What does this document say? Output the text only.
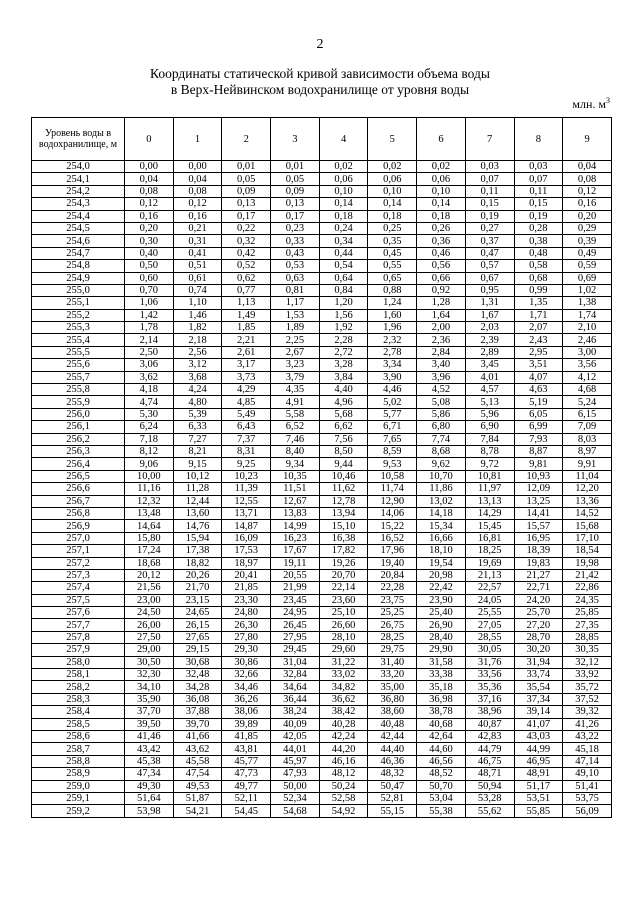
2
Координаты статической кривой зависимости объема воды
в Верх-Нейвинском водохранилище от уровня воды
млн. $м^3$
Уровень воды в водохранилище, м	0	1	2	3	4	5	6	7	8	9
254,0	0,00	0,00	0,01	0,01	0,02	0,02	0,02	0,03	0,03	0,04
254,1	0,04	0,04	0,05	0,05	0,06	0,06	0,06	0,07	0,07	0,08
254,2	0,08	0,08	0,09	0,09	0,10	0,10	0,10	0,11	0,11	0,12
254,3	0,12	0,12	0,13	0,13	0,14	0,14	0,14	0,15	0,15	0,16
254,4	0,16	0,16	0,17	0,17	0,18	0,18	0,18	0,19	0,19	0,20
254,5	0,20	0,21	0,22	0,23	0,24	0,25	0,26	0,27	0,28	0,29
254,6	0,30	0,31	0,32	0,33	0,34	0,35	0,36	0,37	0,38	0,39
254,7	0,40	0,41	0,42	0,43	0,44	0,45	0,46	0,47	0,48	0,49
254,8	0,50	0,51	0,52	0,53	0,54	0,55	0,56	0,57	0,58	0,59
254,9	0,60	0,61	0,62	0,63	0,64	0,65	0,66	0,67	0,68	0,69
255,0	0,70	0,74	0,77	0,81	0,84	0,88	0,92	0,95	0,99	1,02
255,1	1,06	1,10	1,13	1,17	1,20	1,24	1,28	1,31	1,35	1,38
255,2	1,42	1,46	1,49	1,53	1,56	1,60	1,64	1,67	1,71	1,74
255,3	1,78	1,82	1,85	1,89	1,92	1,96	2,00	2,03	2,07	2,10
255,4	2,14	2,18	2,21	2,25	2,28	2,32	2,36	2,39	2,43	2,46
255,5	2,50	2,56	2,61	2,67	2,72	2,78	2,84	2,89	2,95	3,00
255,6	3,06	3,12	3,17	3,23	3,28	3,34	3,40	3,45	3,51	3,56
255,7	3,62	3,68	3,73	3,79	3,84	3,90	3,96	4,01	4,07	4,12
255,8	4,18	4,24	4,29	4,35	4,40	4,46	4,52	4,57	4,63	4,68
255,9	4,74	4,80	4,85	4,91	4,96	5,02	5,08	5,13	5,19	5,24
256,0	5,30	5,39	5,49	5,58	5,68	5,77	5,86	5,96	6,05	6,15
256,1	6,24	6,33	6,43	6,52	6,62	6,71	6,80	6,90	6,99	7,09
256,2	7,18	7,27	7,37	7,46	7,56	7,65	7,74	7,84	7,93	8,03
256,3	8,12	8,21	8,31	8,40	8,50	8,59	8,68	8,78	8,87	8,97
256,4	9,06	9,15	9,25	9,34	9,44	9,53	9,62	9,72	9,81	9,91
256,5	10,00	10,12	10,23	10,35	10,46	10,58	10,70	10,81	10,93	11,04
256,6	11,16	11,28	11,39	11,51	11,62	11,74	11,86	11,97	12,09	12,20
256,7	12,32	12,44	12,55	12,67	12,78	12,90	13,02	13,13	13,25	13,36
256,8	13,48	13,60	13,71	13,83	13,94	14,06	14,18	14,29	14,41	14,52
256,9	14,64	14,76	14,87	14,99	15,10	15,22	15,34	15,45	15,57	15,68
257,0	15,80	15,94	16,09	16,23	16,38	16,52	16,66	16,81	16,95	17,10
257,1	17,24	17,38	17,53	17,67	17,82	17,96	18,10	18,25	18,39	18,54
257,2	18,68	18,82	18,97	19,11	19,26	19,40	19,54	19,69	19,83	19,98
257,3	20,12	20,26	20,41	20,55	20,70	20,84	20,98	21,13	21,27	21,42
257,4	21,56	21,70	21,85	21,99	22,14	22,28	22,42	22,57	22,71	22,86
257,5	23,00	23,15	23,30	23,45	23,60	23,75	23,90	24,05	24,20	24,35
257,6	24,50	24,65	24,80	24,95	25,10	25,25	25,40	25,55	25,70	25,85
257,7	26,00	26,15	26,30	26,45	26,60	26,75	26,90	27,05	27,20	27,35
257,8	27,50	27,65	27,80	27,95	28,10	28,25	28,40	28,55	28,70	28,85
257,9	29,00	29,15	29,30	29,45	29,60	29,75	29,90	30,05	30,20	30,35
258,0	30,50	30,68	30,86	31,04	31,22	31,40	31,58	31,76	31,94	32,12
258,1	32,30	32,48	32,66	32,84	33,02	33,20	33,38	33,56	33,74	33,92
258,2	34,10	34,28	34,46	34,64	34,82	35,00	35,18	35,36	35,54	35,72
258,3	35,90	36,08	36,26	36,44	36,62	36,80	36,98	37,16	37,34	37,52
258,4	37,70	37,88	38,06	38,24	38,42	38,60	38,78	38,96	39,14	39,32
258,5	39,50	39,70	39,89	40,09	40,28	40,48	40,68	40,87	41,07	41,26
258,6	41,46	41,66	41,85	42,05	42,24	42,44	42,64	42,83	43,03	43,22
258,7	43,42	43,62	43,81	44,01	44,20	44,40	44,60	44,79	44,99	45,18
258,8	45,38	45,58	45,77	45,97	46,16	46,36	46,56	46,75	46,95	47,14
258,9	47,34	47,54	47,73	47,93	48,12	48,32	48,52	48,71	48,91	49,10
259,0	49,30	49,53	49,77	50,00	50,24	50,47	50,70	50,94	51,17	51,41
259,1	51,64	51,87	52,11	52,34	52,58	52,81	53,04	53,28	53,51	53,75
259,2	53,98	54,21	54,45	54,68	54,92	55,15	55,38	55,62	55,85	56,09
